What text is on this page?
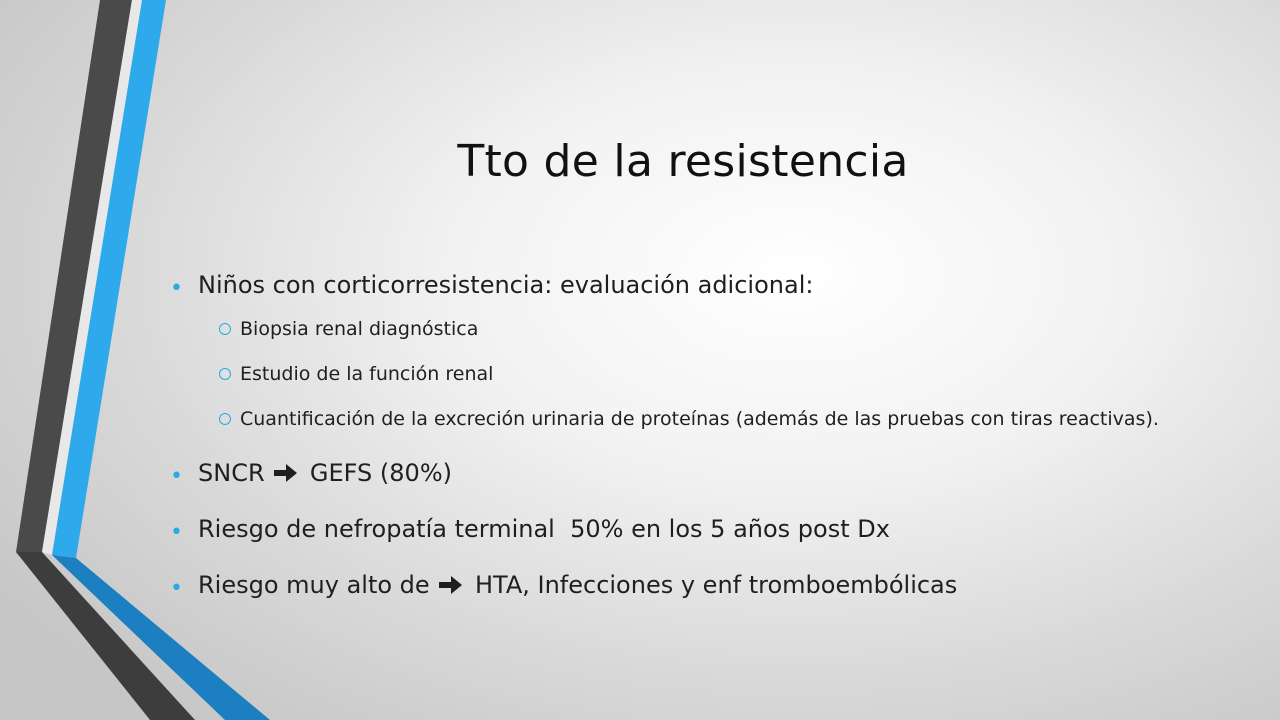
Tto de la resistencia
• Niños con corticorresistencia: evaluación adicional:
Biopsia renal diagnóstica
Estudio de la función renal
Cuantificación de la excreción urinaria de proteínas (además de las pruebas con tiras reactivas).
• SNCR GEFS (80%)
• Riesgo de nefropatía terminal  50% en los 5 años post Dx
• Riesgo muy alto de HTA, Infecciones y enf tromboembólicas
